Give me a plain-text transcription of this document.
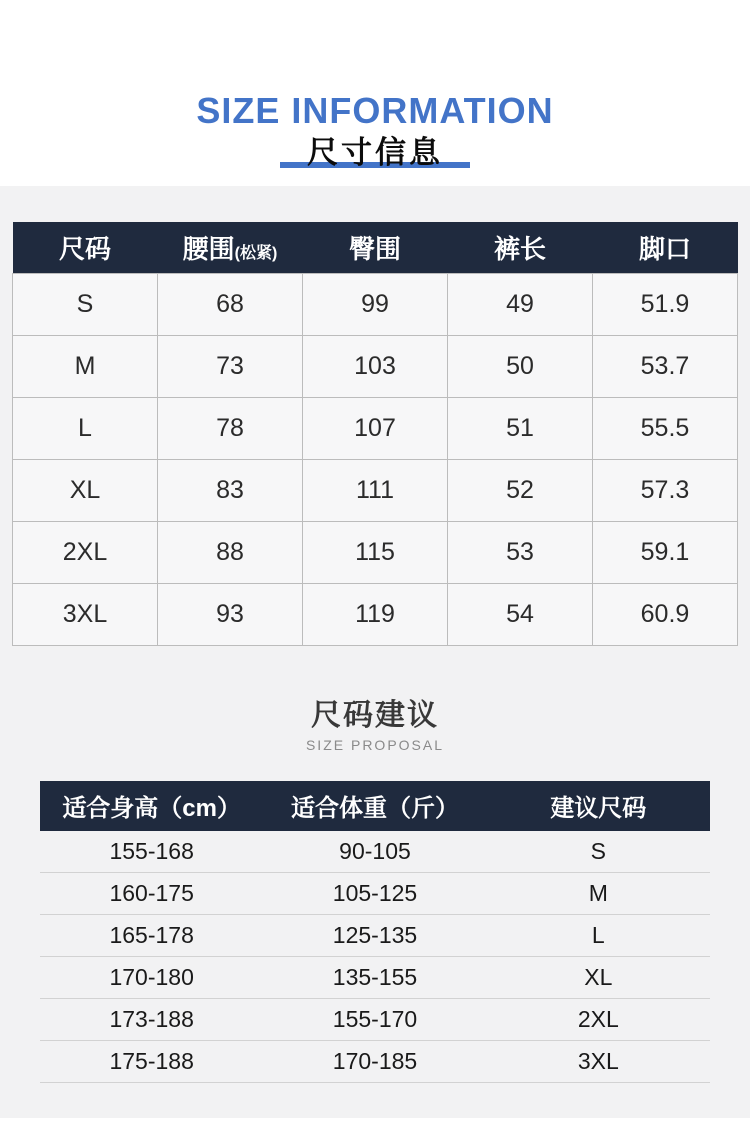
SIZE INFORMATION
尺寸信息
尺码	腰围(松紧)	臀围	裤长	脚口
S	68	99	49	51.9
M	73	103	50	53.7
L	78	107	51	55.5
XL	83	111	52	57.3
2XL	88	115	53	59.1
3XL	93	119	54	60.9
尺码建议
SIZE PROPOSAL
适合身高（cm）	适合体重（斤）	建议尺码
155-168	90-105	S
160-175	105-125	M
165-178	125-135	L
170-180	135-155	XL
173-188	155-170	2XL
175-188	170-185	3XL
